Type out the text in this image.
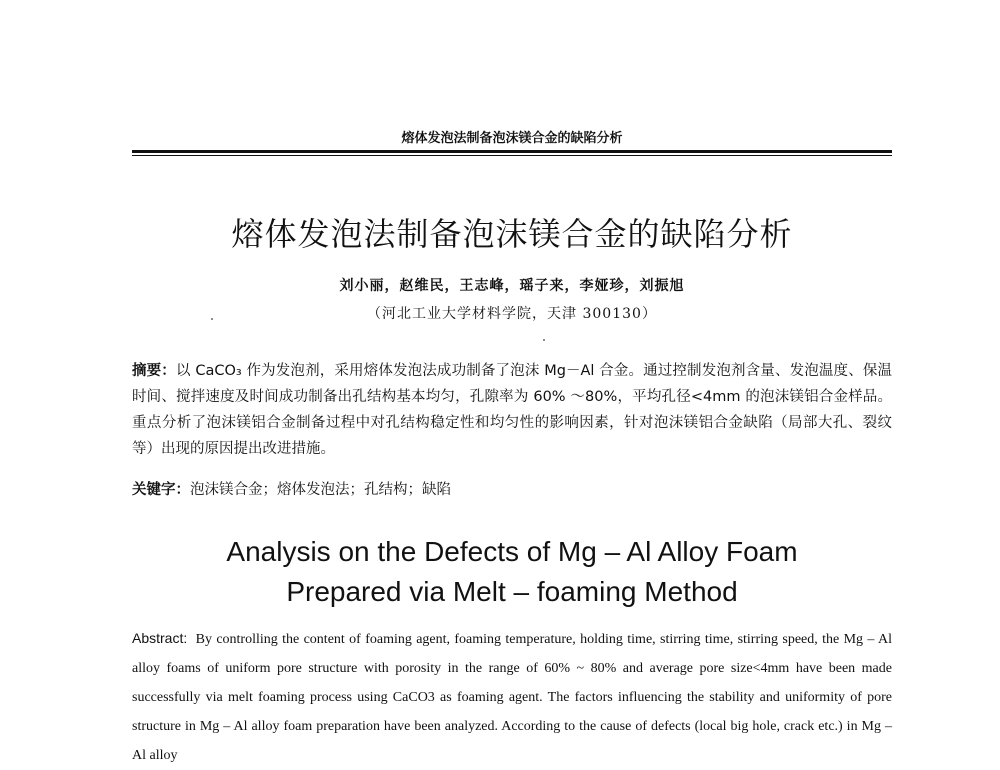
熔体发泡法制备泡沫镁合金的缺陷分析
熔体发泡法制备泡沫镁合金的缺陷分析
刘小丽，赵维民，王志峰，瑶子来，李娅珍，刘振旭
（河北工业大学材料学院，天津 300130）
摘要：以 CaCO₃ 作为发泡剂，采用熔体发泡法成功制备了泡沫 Mg－Al 合金。通过控制发泡剂含量、发泡温度、保温时间、搅拌速度及时间成功制备出孔结构基本均匀，孔隙率为 60% ～80%，平均孔径<4mm 的泡沫镁铝合金样品。重点分析了泡沫镁铝合金制备过程中对孔结构稳定性和均匀性的影响因素，针对泡沫镁铝合金缺陷（局部大孔、裂纹等）出现的原因提出改进措施。
关键字：泡沫镁合金；熔体发泡法；孔结构；缺陷
Analysis on the Defects of Mg – Al Alloy Foam
Prepared via Melt – foaming Method
Abstract: By controlling the content of foaming agent, foaming temperature, holding time, stirring time, stirring speed, the Mg – Al alloy foams of uniform pore structure with porosity in the range of 60% ~ 80% and average pore size<4mm have been made successfully via melt foaming process using CaCO3 as foaming agent. The factors influencing the stability and uniformity of pore structure in Mg – Al alloy foam preparation have been analyzed. According to the cause of defects (local big hole, crack etc.) in Mg – Al alloy
